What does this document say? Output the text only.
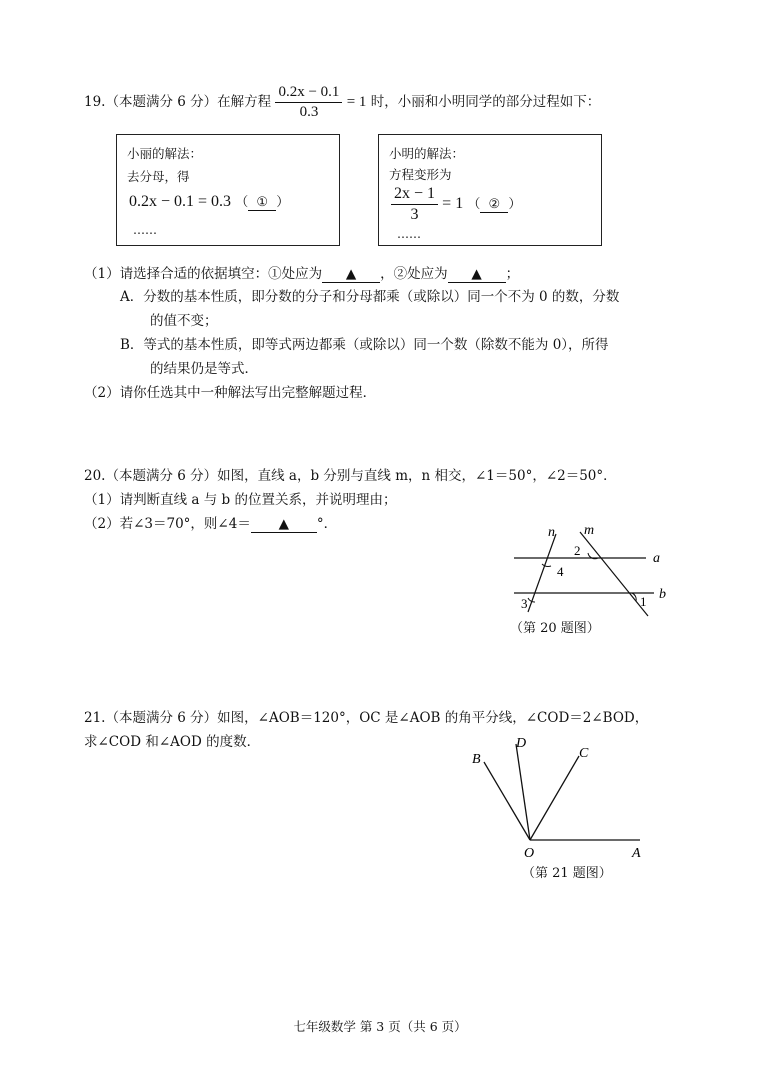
19.（本题满分 6 分）在解方程 $\frac{0.2x - 0.1}{0.3} = 1$ 时，小丽和小明同学的部分过程如下：
小丽的解法：
去分母，得
0.2x − 0.1 = 0.3 （ ① ）
……
小明的解法：
方程变形为
$\frac{2x - 1}{3} = 1$ （ ② ）
……
（1）请选择合适的依据填空：①处应为 ▲ ，②处应为 ▲ ；
A．分数的基本性质，即分数的分子和分母都乘（或除以）同一个不为 0 的数，分数
的值不变；
B．等式的基本性质，即等式两边都乘（或除以）同一个数（除数不能为 0），所得
的结果仍是等式．
（2）请你任选其中一种解法写出完整解题过程．
20.（本题满分 6 分）如图，直线 a，b 分别与直线 m，n 相交，∠1＝50°，∠2＝50°．
（1）请判断直线 a 与 b 的位置关系，并说明理由；
（2）若∠3＝70°，则∠4＝ ▲ °．
n m
a
b
2
4
3	1
（第 20 题图）
21.（本题满分 6 分）如图，∠AOB＝120°，OC 是∠AOB 的角平分线，∠COD＝2∠BOD，
求∠COD 和∠AOD 的度数．
B
D
C
O	A
（第 21 题图）
七年级数学 第 3 页（共 6 页）
